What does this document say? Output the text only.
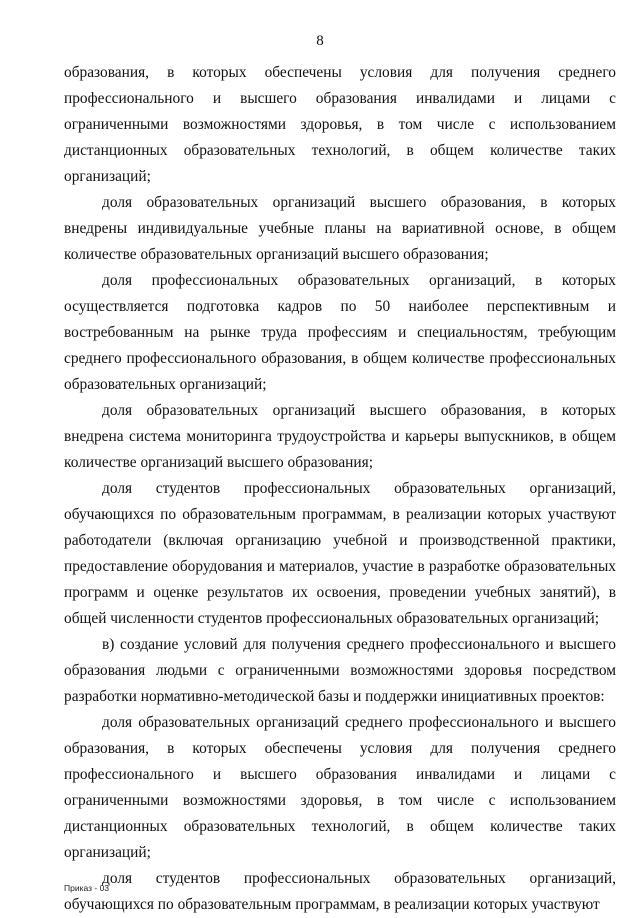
8

образования, в которых обеспечены условия для получения среднего профессионального и высшего образования инвалидами и лицами с ограниченными возможностями здоровья, в том числе с использованием дистанционных образовательных технологий, в общем количестве таких организаций;

доля образовательных организаций высшего образования, в которых внедрены индивидуальные учебные планы на вариативной основе, в общем количестве образовательных организаций высшего образования;

доля профессиональных образовательных организаций, в которых осуществляется подготовка кадров по 50 наиболее перспективным и востребованным на рынке труда профессиям и специальностям, требующим среднего профессионального образования, в общем количестве профессиональных образовательных организаций;

доля образовательных организаций высшего образования, в которых внедрена система мониторинга трудоустройства и карьеры выпускников, в общем количестве организаций высшего образования;

доля студентов профессиональных образовательных организаций, обучающихся по образовательным программам, в реализации которых участвуют работодатели (включая организацию учебной и производственной практики, предоставление оборудования и материалов, участие в разработке образовательных программ и оценке результатов их освоения, проведении учебных занятий), в общей численности студентов профессиональных образовательных организаций;

в) создание условий для получения среднего профессионального и высшего образования людьми с ограниченными возможностями здоровья посредством разработки нормативно-методической базы и поддержки инициативных проектов:

доля образовательных организаций среднего профессионального и высшего образования, в которых обеспечены условия для получения среднего профессионального и высшего образования инвалидами и лицами с ограниченными возможностями здоровья, в том числе с использованием дистанционных образовательных технологий, в общем количестве таких организаций;

доля студентов профессиональных образовательных организаций, обучающихся по образовательным программам, в реализации которых участвуют

Приказ - 03
